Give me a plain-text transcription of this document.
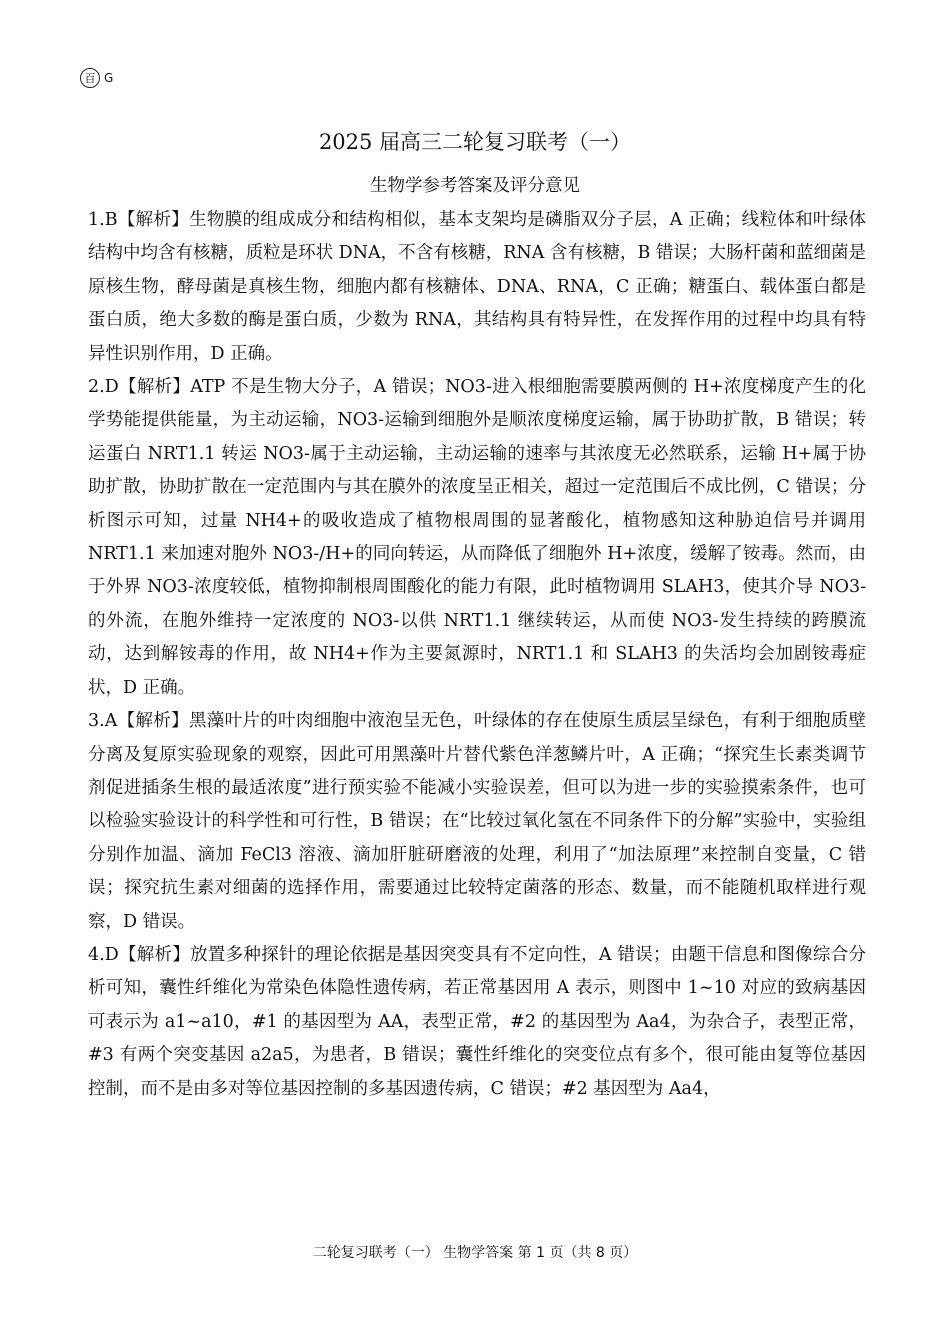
百 G
2025 届高三二轮复习联考（一）
生物学参考答案及评分意见

1.B【解析】生物膜的组成成分和结构相似，基本支架均是磷脂双分子层，A 正确；线粒体和叶绿体结构中均含有核糖，质粒是环状 DNA，不含有核糖，RNA 含有核糖，B 错误；大肠杆菌和蓝细菌是原核生物，酵母菌是真核生物，细胞内都有核糖体、DNA、RNA，C 正确；糖蛋白、载体蛋白都是蛋白质，绝大多数的酶是蛋白质，少数为 RNA，其结构具有特异性，在发挥作用的过程中均具有特异性识别作用，D 正确。

2.D【解析】ATP 不是生物大分子，A 错误；NO3-进入根细胞需要膜两侧的 H+浓度梯度产生的化学势能提供能量，为主动运输，NO3-运输到细胞外是顺浓度梯度运输，属于协助扩散，B 错误；转运蛋白 NRT1.1 转运 NO3-属于主动运输，主动运输的速率与其浓度无必然联系，运输 H+属于协助扩散，协助扩散在一定范围内与其在膜外的浓度呈正相关，超过一定范围后不成比例，C 错误；分析图示可知，过量 NH4+的吸收造成了植物根周围的显著酸化，植物感知这种胁迫信号并调用 NRT1.1 来加速对胞外 NO3-/H+的同向转运，从而降低了细胞外 H+浓度，缓解了铵毒。然而，由于外界 NO3-浓度较低，植物抑制根周围酸化的能力有限，此时植物调用 SLAH3，使其介导 NO3-的外流，在胞外维持一定浓度的 NO3-以供 NRT1.1 继续转运，从而使 NO3-发生持续的跨膜流动，达到解铵毒的作用，故 NH4+作为主要氮源时，NRT1.1 和 SLAH3 的失活均会加剧铵毒症状，D 正确。

3.A【解析】黑藻叶片的叶肉细胞中液泡呈无色，叶绿体的存在使原生质层呈绿色，有利于细胞质壁分离及复原实验现象的观察，因此可用黑藻叶片替代紫色洋葱鳞片叶，A 正确；“探究生长素类调节剂促进插条生根的最适浓度”进行预实验不能减小实验误差，但可以为进一步的实验摸索条件，也可以检验实验设计的科学性和可行性，B 错误；在“比较过氧化氢在不同条件下的分解”实验中，实验组分别作加温、滴加 FeCl3 溶液、滴加肝脏研磨液的处理，利用了“加法原理”来控制自变量，C 错误；探究抗生素对细菌的选择作用，需要通过比较特定菌落的形态、数量，而不能随机取样进行观察，D 错误。

4.D【解析】放置多种探针的理论依据是基因突变具有不定向性，A 错误；由题干信息和图像综合分析可知，囊性纤维化为常染色体隐性遗传病，若正常基因用 A 表示，则图中 1~10 对应的致病基因可表示为 a1~a10，#1 的基因型为 AA，表型正常，#2 的基因型为 Aa4，为杂合子，表型正常，#3 有两个突变基因 a2a5，为患者，B 错误；囊性纤维化的突变位点有多个，很可能由复等位基因控制，而不是由多对等位基因控制的多基因遗传病，C 错误；#2 基因型为 Aa4，

二轮复习联考（一） 生物学答案 第 1 页（共 8 页）
